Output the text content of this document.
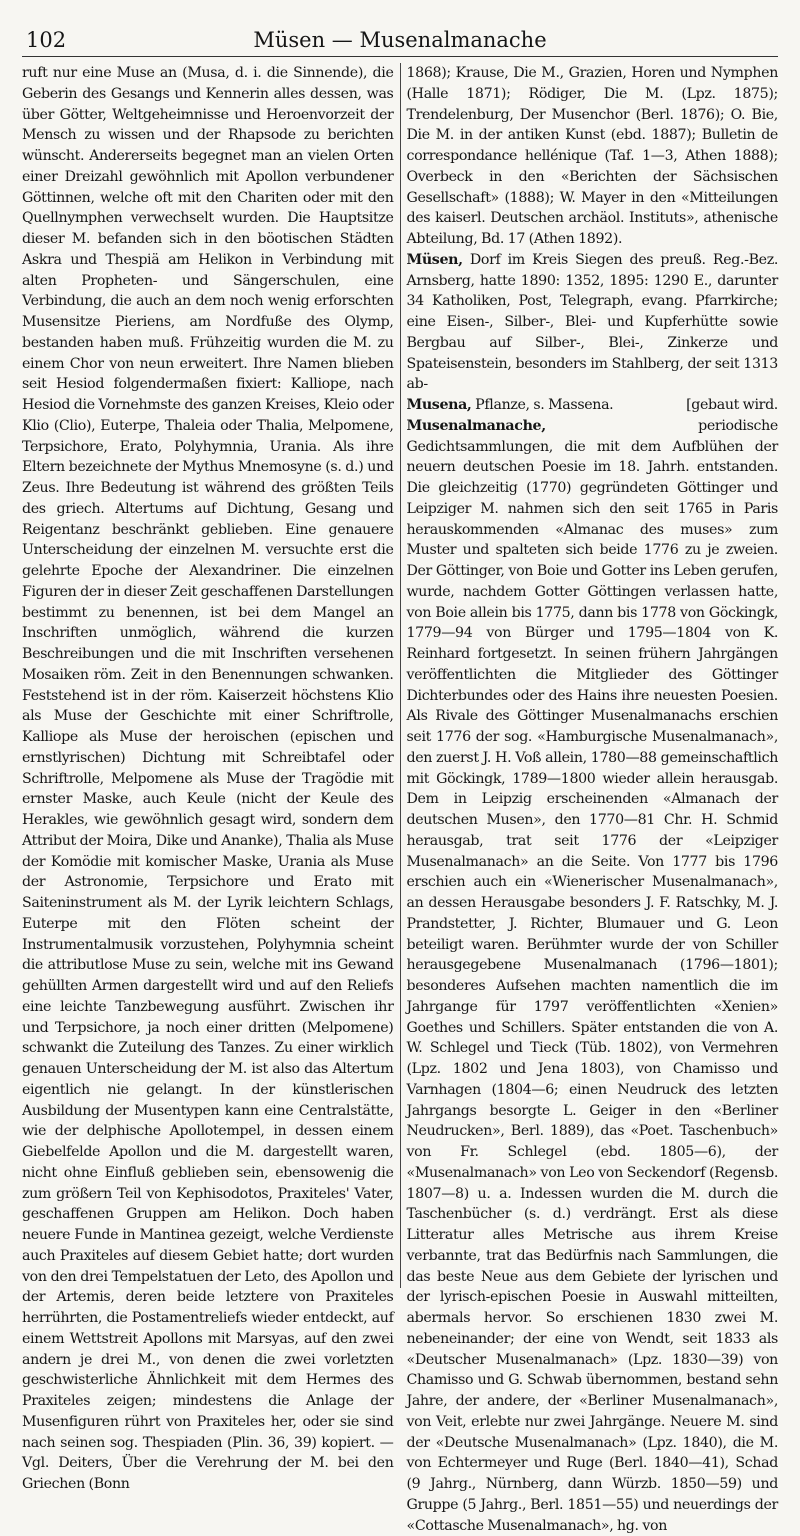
102	Müsen — Musenalmanache

ruft nur eine Muse an (Musa, d. i. die Sinnende), die Geberin des Gesangs und Kennerin alles dessen, was über Götter, Weltgeheimnisse und Heroenvorzeit der Mensch zu wissen und der Rhapsode zu berichten wünscht. Andererseits begegnet man an vielen Orten einer Dreizahl gewöhnlich mit Apollon verbundener Göttinnen, welche oft mit den Chariten oder mit den Quellnymphen verwechselt wurden. Die Hauptsitze dieser M. befanden sich in den böotischen Städten Askra und Thespiä am Helikon in Verbindung mit alten Propheten- und Sängerschulen, eine Verbindung, die auch an dem noch wenig erforschten Musensitze Pieriens, am Nordfuße des Olymp, bestanden haben muß. Frühzeitig wurden die M. zu einem Chor von neun erweitert. Ihre Namen blieben seit Hesiod folgendermaßen fixiert: Kalliope, nach Hesiod die Vornehmste des ganzen Kreises, Kleio oder Klio (Clio), Euterpe, Thaleia oder Thalia, Melpomene, Terpsichore, Erato, Polyhymnia, Urania. Als ihre Eltern bezeichnete der Mythus Mnemosyne (s. d.) und Zeus. Ihre Bedeutung ist während des größten Teils des griech. Altertums auf Dichtung, Gesang und Reigentanz beschränkt geblieben. Eine genauere Unterscheidung der einzelnen M. versuchte erst die gelehrte Epoche der Alexandriner. Die einzelnen Figuren der in dieser Zeit geschaffenen Darstellungen bestimmt zu benennen, ist bei dem Mangel an Inschriften unmöglich, während die kurzen Beschreibungen und die mit Inschriften versehenen Mosaiken röm. Zeit in den Benennungen schwanken. Feststehend ist in der röm. Kaiserzeit höchstens Klio als Muse der Geschichte mit einer Schriftrolle, Kalliope als Muse der heroischen (epischen und ernstlyrischen) Dichtung mit Schreibtafel oder Schriftrolle, Melpomene als Muse der Tragödie mit ernster Maske, auch Keule (nicht der Keule des Herakles, wie gewöhnlich gesagt wird, sondern dem Attribut der Moira, Dike und Ananke), Thalia als Muse der Komödie mit komischer Maske, Urania als Muse der Astronomie, Terpsichore und Erato mit Saiteninstrument als M. der Lyrik leichtern Schlags, Euterpe mit den Flöten scheint der Instrumentalmusik vorzustehen, Polyhymnia scheint die attributlose Muse zu sein, welche mit ins Gewand gehüllten Armen dargestellt wird und auf den Reliefs eine leichte Tanzbewegung ausführt. Zwischen ihr und Terpsichore, ja noch einer dritten (Melpomene) schwankt die Zuteilung des Tanzes. Zu einer wirklich genauen Unterscheidung der M. ist also das Altertum eigentlich nie gelangt. In der künstlerischen Ausbildung der Musentypen kann eine Centralstätte, wie der delphische Apollotempel, in dessen einem Giebelfelde Apollon und die M. dargestellt waren, nicht ohne Einfluß geblieben sein, ebensowenig die zum größern Teil von Kephisodotos, Praxiteles' Vater, geschaffenen Gruppen am Helikon. Doch haben neuere Funde in Mantinea gezeigt, welche Verdienste auch Praxiteles auf diesem Gebiet hatte; dort wurden von den drei Tempelstatuen der Leto, des Apollon und der Artemis, deren beide letztere von Praxiteles herrührten, die Postamentreliefs wieder entdeckt, auf einem Wettstreit Apollons mit Marsyas, auf den zwei andern je drei M., von denen die zwei vorletzten geschwisterliche Ähnlichkeit mit dem Hermes des Praxiteles zeigen; mindestens die Anlage der Musenfiguren rührt von Praxiteles her, oder sie sind nach seinen sog. Thespiaden (Plin. 36, 39) kopiert. — Vgl. Deiters, Über die Verehrung der M. bei den Griechen (Bonn

1868); Krause, Die M., Grazien, Horen und Nymphen (Halle 1871); Rödiger, Die M. (Lpz. 1875); Trendelenburg, Der Musenchor (Berl. 1876); O. Bie, Die M. in der antiken Kunst (ebd. 1887); Bulletin de correspondance hellénique (Taf. 1—3, Athen 1888); Overbeck in den «Berichten der Sächsischen Gesellschaft» (1888); W. Mayer in den «Mitteilungen des kaiserl. Deutschen archäol. Instituts», athenische Abteilung, Bd. 17 (Athen 1892).

Müsen, Dorf im Kreis Siegen des preuß. Reg.-Bez. Arnsberg, hatte 1890: 1352, 1895: 1290 E., darunter 34 Katholiken, Post, Telegraph, evang. Pfarrkirche; eine Eisen-, Silber-, Blei- und Kupferhütte sowie Bergbau auf Silber-, Blei-, Zinkerze und Spateisenstein, besonders im Stahlberg, der seit 1313 ab-

Musena, Pflanze, s. Massena.	[gebaut wird.

Musenalmanache, periodische Gedichtsammlungen, die mit dem Aufblühen der neuern deutschen Poesie im 18. Jahrh. entstanden. Die gleichzeitig (1770) gegründeten Göttinger und Leipziger M. nahmen sich den seit 1765 in Paris herauskommenden «Almanac des muses» zum Muster und spalteten sich beide 1776 zu je zweien. Der Göttinger, von Boie und Gotter ins Leben gerufen, wurde, nachdem Gotter Göttingen verlassen hatte, von Boie allein bis 1775, dann bis 1778 von Göckingk, 1779—94 von Bürger und 1795—1804 von K. Reinhard fortgesetzt. In seinen frühern Jahrgängen veröffentlichten die Mitglieder des Göttinger Dichterbundes oder des Hains ihre neuesten Poesien. Als Rivale des Göttinger Musenalmanachs erschien seit 1776 der sog. «Hamburgische Musenalmanach», den zuerst J. H. Voß allein, 1780—88 gemeinschaftlich mit Göckingk, 1789—1800 wieder allein herausgab. Dem in Leipzig erscheinenden «Almanach der deutschen Musen», den 1770—81 Chr. H. Schmid herausgab, trat seit 1776 der «Leipziger Musenalmanach» an die Seite. Von 1777 bis 1796 erschien auch ein «Wienerischer Musenalmanach», an dessen Herausgabe besonders J. F. Ratschky, M. J. Prandstetter, J. Richter, Blumauer und G. Leon beteiligt waren. Berühmter wurde der von Schiller herausgegebene Musenalmanach (1796—1801); besonderes Aufsehen machten namentlich die im Jahrgange für 1797 veröffentlichten «Xenien» Goethes und Schillers. Später entstanden die von A. W. Schlegel und Tieck (Tüb. 1802), von Vermehren (Lpz. 1802 und Jena 1803), von Chamisso und Varnhagen (1804—6; einen Neudruck des letzten Jahrgangs besorgte L. Geiger in den «Berliner Neudrucken», Berl. 1889), das «Poet. Taschenbuch» von Fr. Schlegel (ebd. 1805—6), der «Musenalmanach» von Leo von Seckendorf (Regensb. 1807—8) u. a. Indessen wurden die M. durch die Taschenbücher (s. d.) verdrängt. Erst als diese Litteratur alles Metrische aus ihrem Kreise verbannte, trat das Bedürfnis nach Sammlungen, die das beste Neue aus dem Gebiete der lyrischen und der lyrisch-epischen Poesie in Auswahl mitteilten, abermals hervor. So erschienen 1830 zwei M. nebeneinander; der eine von Wendt, seit 1833 als «Deutscher Musenalmanach» (Lpz. 1830—39) von Chamisso und G. Schwab übernommen, bestand sehn Jahre, der andere, der «Berliner Musenalmanach», von Veit, erlebte nur zwei Jahrgänge. Neuere M. sind der «Deutsche Musenalmanach» (Lpz. 1840), die M. von Echtermeyer und Ruge (Berl. 1840—41), Schad (9 Jahrg., Nürnberg, dann Würzb. 1850—59) und Gruppe (5 Jahrg., Berl. 1851—55) und neuerdings der «Cottasche Musenalmanach», hg. von
